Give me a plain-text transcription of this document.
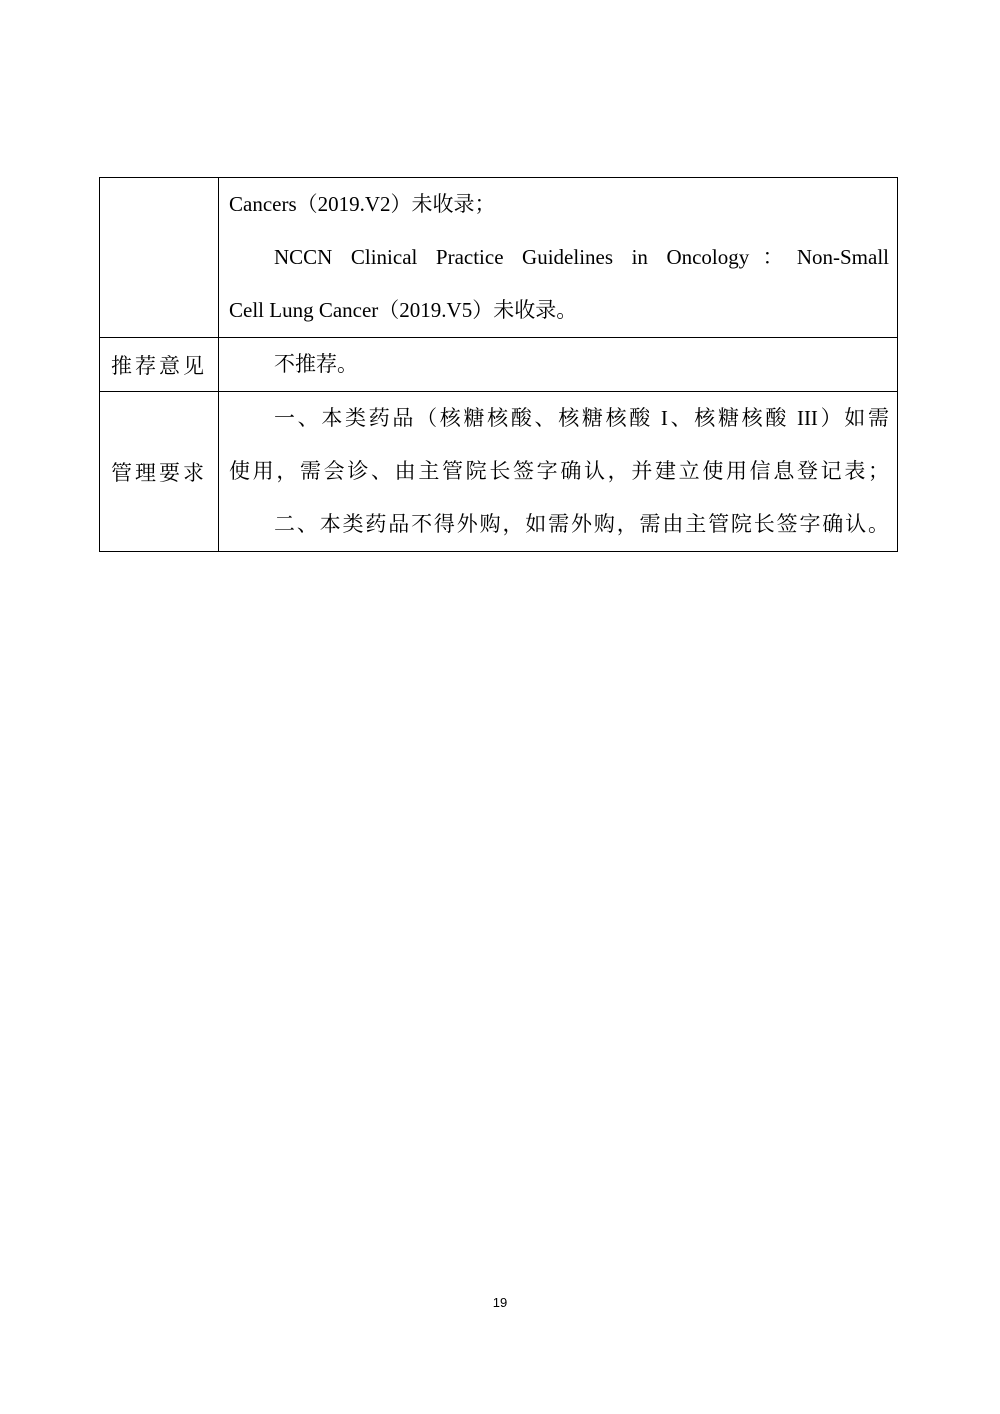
	Cancers（2019.V2）未收录；
NCCN Clinical Practice Guidelines in Oncology：Non-Small
Cell Lung Cancer（2019.V5）未收录。

推荐意见	不推荐。

管理要求	一、本类药品（核糖核酸、核糖核酸 I、核糖核酸 III）如需
使用，需会诊、由主管院长签字确认，并建立使用信息登记表；
二、本类药品不得外购，如需外购，需由主管院长签字确认。
19
